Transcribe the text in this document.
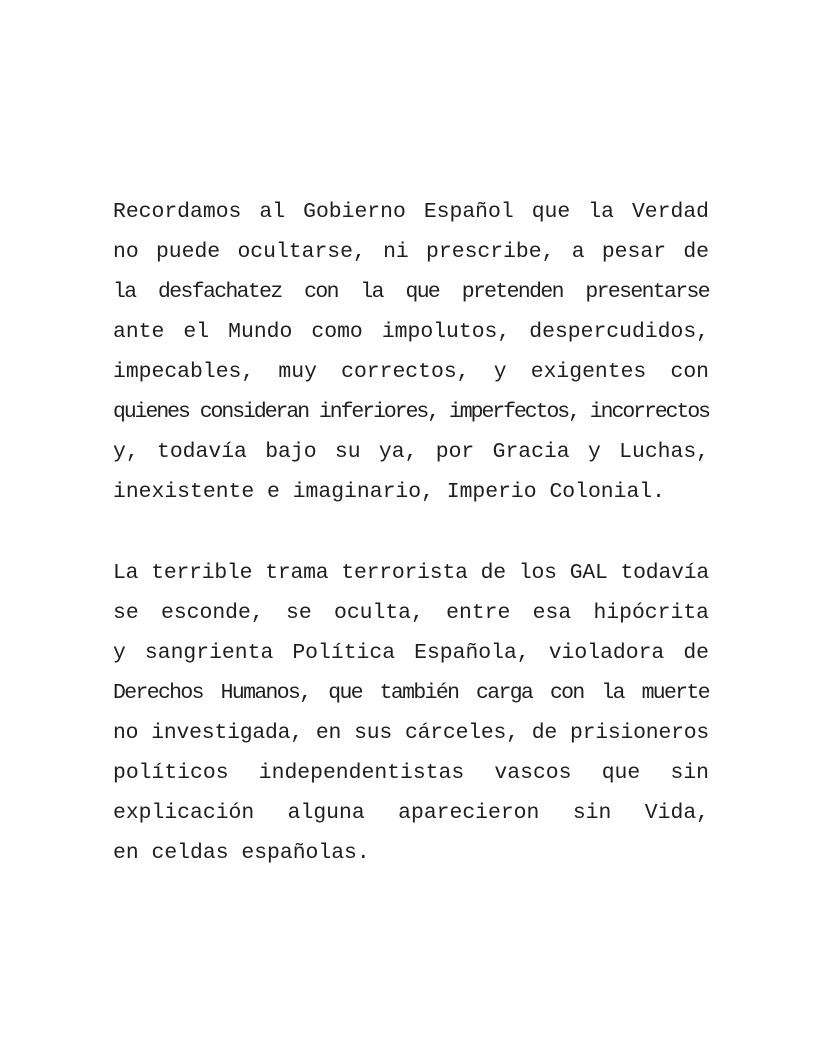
Recordamos al Gobierno Español que la Verdad
no puede ocultarse, ni prescribe, a pesar de
la desfachatez con la que pretenden presentarse
ante el Mundo como impolutos, despercudidos,
impecables, muy correctos, y exigentes con
quienes consideran inferiores, imperfectos, incorrectos
y, todavía bajo su ya, por Gracia y Luchas,
inexistente e imaginario, Imperio Colonial.
La terrible trama terrorista de los GAL todavía
se esconde, se oculta, entre esa hipócrita
y sangrienta Política Española, violadora de
Derechos Humanos, que también carga con la muerte
no investigada, en sus cárceles, de prisioneros
políticos independentistas vascos que sin
explicación alguna aparecieron sin Vida,
en celdas españolas.
